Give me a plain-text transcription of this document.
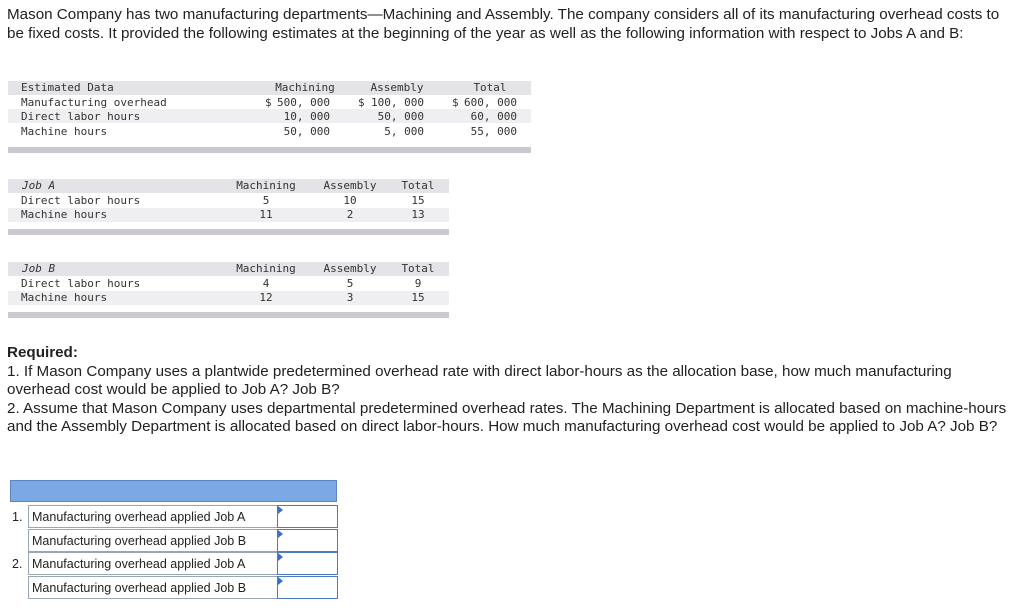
Mason Company has two manufacturing departments—Machining and Assembly. The company considers all of its manufacturing overhead costs to be fixed costs. It provided the following estimates at the beginning of the year as well as the following information with respect to Jobs A and B:
Estimated Data	Machining	Assembly	Total
Manufacturing overhead	$ 500, 000	$ 100, 000	$ 600, 000
Direct labor hours	10, 000	50, 000	60, 000
Machine hours	50, 000	5, 000	55, 000
Job A	Machining	Assembly	Total
Direct labor hours	5	10	15
Machine hours	11	2	13
Job B	Machining	Assembly	Total
Direct labor hours	4	5	9
Machine hours	12	3	15
Required:
1. If Mason Company uses a plantwide predetermined overhead rate with direct labor-hours as the allocation base, how much manufacturing overhead cost would be applied to Job A? Job B?
2. Assume that Mason Company uses departmental predetermined overhead rates. The Machining Department is allocated based on machine-hours and the Assembly Department is allocated based on direct labor-hours. How much manufacturing overhead cost would be applied to Job A? Job B?
1. Manufacturing overhead applied Job A
Manufacturing overhead applied Job B
2. Manufacturing overhead applied Job A
Manufacturing overhead applied Job B
